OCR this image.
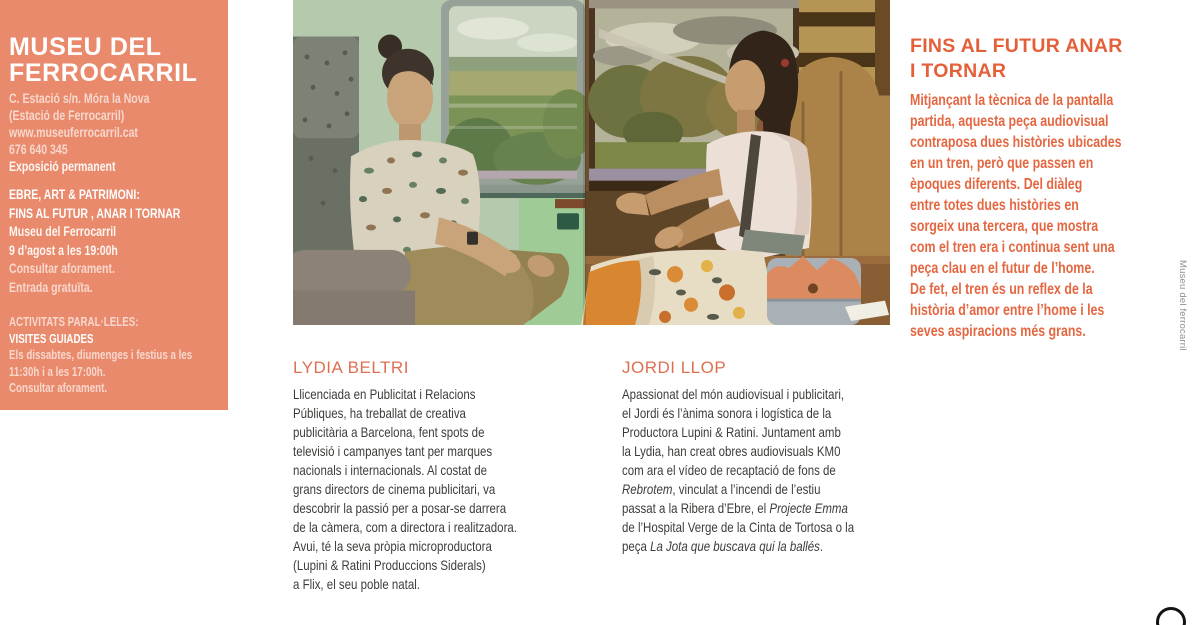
MUSEU DEL
FERROCARRIL
C. Estació s/n. Móra la Nova
(Estació de Ferrocarril)
www.museuferrocarril.cat
676 640 345
Exposició permanent
EBRE, ART & PATRIMONI:
FINS AL FUTUR , ANAR I TORNAR
Museu del Ferrocarril
9 d’agost a les 19:00h
Consultar aforament.
Entrada gratuïta.
ACTIVITATS PARAL·LELES:
VISITES GUIADES
Els dissabtes, diumenges i festius a les
11:30h i a les 17:00h.
Consultar aforament.
FINS AL FUTUR ANAR
I TORNAR
Mitjançant la tècnica de la pantalla
partida, aquesta peça audiovisual
contraposa dues històries ubicades
en un tren, però que passen en
èpoques diferents. Del diàleg
entre totes dues històries en
sorgeix una tercera, que mostra
com el tren era i continua sent una
peça clau en el futur de l’home.
De fet, el tren és un reflex de la
història d’amor entre l’home i les
seves aspiracions més grans.
LYDIA BELTRI
Llicenciada en Publicitat i Relacions
Públiques, ha treballat de creativa
publicitària a Barcelona, fent spots de
televisió i campanyes tant per marques
nacionals i internacionals. Al costat de
grans directors de cinema publicitari, va
descobrir la passió per a posar-se darrera
de la càmera, com a directora i realitzadora.
Avui, té la seva pròpia microproductora
(Lupini & Ratini Produccions Siderals)
a Flix, el seu poble natal.
JORDI LLOP
Apassionat del món audiovisual i publicitari,
el Jordi és l’ànima sonora i logística de la
Productora Lupini & Ratini. Juntament amb
la Lydia, han creat obres audiovisuals KM0
com ara el vídeo de recaptació de fons de
Rebrotem, vinculat a l’incendi de l’estiu
passat a la Ribera d’Ebre, el Projecte Emma
de l’Hospital Verge de la Cinta de Tortosa o la
peça La Jota que buscava qui la ballés.
Museu del ferrocarril
